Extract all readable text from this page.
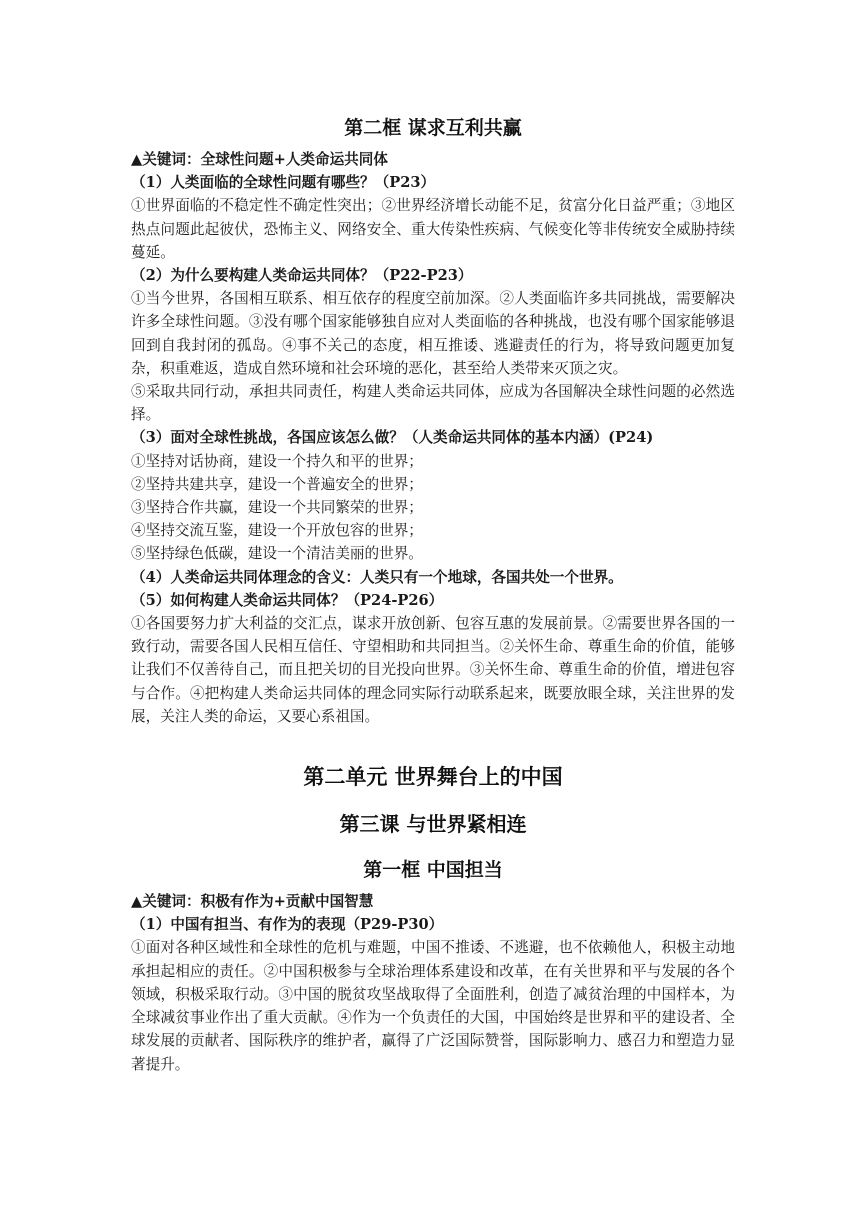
第二框 谋求互利共赢

▲关键词：全球性问题+人类命运共同体

（1）人类面临的全球性问题有哪些？（P23）

①世界面临的不稳定性不确定性突出；②世界经济增长动能不足，贫富分化日益严重；③地区热点问题此起彼伏，恐怖主义、网络安全、重大传染性疾病、气候变化等非传统安全威胁持续蔓延。

（2）为什么要构建人类命运共同体？（P22-P23）

①当今世界，各国相互联系、相互依存的程度空前加深。②人类面临许多共同挑战，需要解决许多全球性问题。③没有哪个国家能够独自应对人类面临的各种挑战，也没有哪个国家能够退回到自我封闭的孤岛。④事不关己的态度，相互推诿、逃避责任的行为，将导致问题更加复杂，积重难返，造成自然环境和社会环境的恶化，甚至给人类带来灭顶之灾。

⑤采取共同行动，承担共同责任，构建人类命运共同体，应成为各国解决全球性问题的必然选择。

（3）面对全球性挑战，各国应该怎么做？（人类命运共同体的基本内涵）(P24)

①坚持对话协商，建设一个持久和平的世界；

②坚持共建共享，建设一个普遍安全的世界；

③坚持合作共赢，建设一个共同繁荣的世界；

④坚持交流互鉴，建设一个开放包容的世界；

⑤坚持绿色低碳，建设一个清洁美丽的世界。

（4）人类命运共同体理念的含义：人类只有一个地球，各国共处一个世界。

（5）如何构建人类命运共同体？（P24-P26）

①各国要努力扩大利益的交汇点，谋求开放创新、包容互惠的发展前景。②需要世界各国的一致行动，需要各国人民相互信任、守望相助和共同担当。②关怀生命、尊重生命的价值，能够让我们不仅善待自己，而且把关切的目光投向世界。③关怀生命、尊重生命的价值，增进包容与合作。④把构建人类命运共同体的理念同实际行动联系起来，既要放眼全球，关注世界的发展，关注人类的命运，又要心系祖国。

第二单元 世界舞台上的中国
第三课 与世界紧相连
第一框 中国担当

▲关键词：积极有作为+贡献中国智慧

（1）中国有担当、有作为的表现（P29-P30）

①面对各种区域性和全球性的危机与难题，中国不推诿、不逃避，也不依赖他人，积极主动地承担起相应的责任。②中国积极参与全球治理体系建设和改革，在有关世界和平与发展的各个领域，积极采取行动。③中国的脱贫攻坚战取得了全面胜利，创造了减贫治理的中国样本，为全球减贫事业作出了重大贡献。④作为一个负责任的大国，中国始终是世界和平的建设者、全球发展的贡献者、国际秩序的维护者，赢得了广泛国际赞誉，国际影响力、感召力和塑造力显著提升。
